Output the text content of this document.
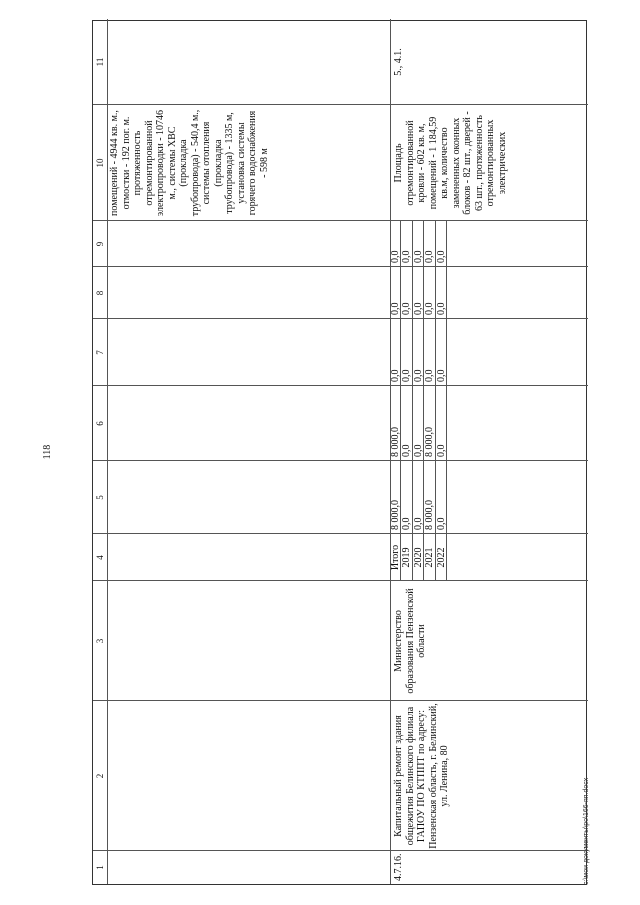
118
1
2
3
4
5
6
7
8
9
10
11
помещений - 4944 кв. м., отмостки - 192 пог. м. протяженность отремонтированной электропроводки - 10746 м., системы ХВС (прокладка трубопровода) - 540,4 м., системы отопления (прокладка трубопровода) - 1335 м, установка системы горячего водоснабжения - 598 м
4.7.16.
Капитальный ремонт здания общежития Белинского филиала ГАПОУ ПО КТППТ по адресу: Пензенская область, г. Белинский, ул. Ленина, 80
Министерство образования Пензенской области
Итого 2019 2020 2021 2022
8 000,0 0,0 0,0 8 000,0 0,0
8 000,0 0,0 0,0 8 000,0 0,0
0,0 0,0 0,0 0,0 0,0
0,0 0,0 0,0 0,0 0,0
0,0 0,0 0,0 0,0 0,0
Площадь отремонтированной кровли - 602 кв. м, помещений - 1 184,59 кв.м, количество замененных оконных блоков - 82 шт., дверей - 63 шт., протяженность отремонтированных электрических
5., 4.1.
c:\мои документы\ро\166-пп.docx
